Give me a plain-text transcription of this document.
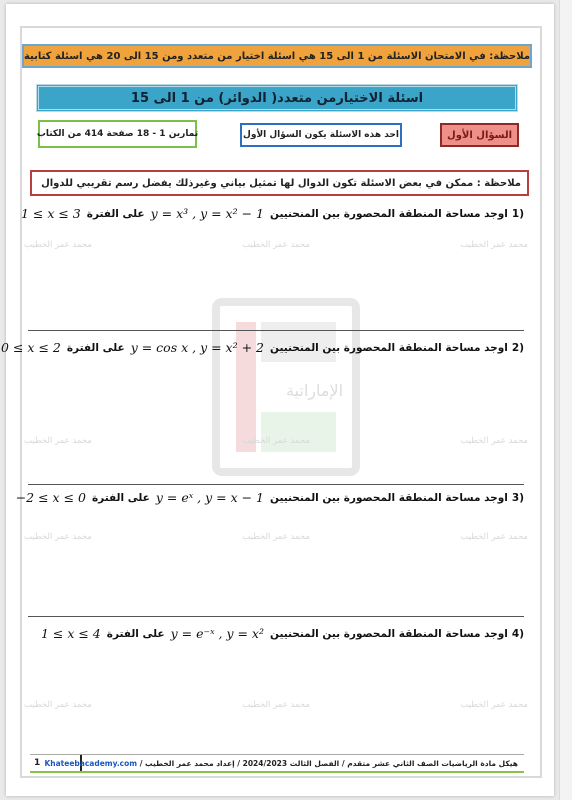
ملاحظة: في الامتحان الاسئلة من 1 الى 15 هي اسئلة اختيار من متعدد ومن 15 الى 20 هي اسئلة كتابية
اسئلة الاختيارمن متعدد( الدوائر) من 1 الى 15
السؤال الأول
احد هذه الاسئلة يكون السؤال الأول
تمارين 1 - 18 صفحة 414 من الكتاب
ملاحظة : ممكن في بعض الاسئلة تكون الدوال لها تمثيل بياني وغيرذلك يفضل رسم تقريبي للدوال
الإماراتية
محمد عمر الخطيب
محمد عمر الخطيب
محمد عمر الخطيب
محمد عمر الخطيب
محمد عمر الخطيب
محمد عمر الخطيب
محمد عمر الخطيب
محمد عمر الخطيب
محمد عمر الخطيب
محمد عمر الخطيب
محمد عمر الخطيب
محمد عمر الخطيب
(1
اوجد مساحة المنطقة المحصورة بين المنحنيين
y = x³ , y = x² − 1
على الفترة
1 ≤ x ≤ 3
(2
اوجد مساحة المنطقة المحصورة بين المنحنيين
y = cos x , y = x² + 2
على الفترة
0 ≤ x ≤ 2
(3
اوجد مساحة المنطقة المحصورة بين المنحنيين
y = eˣ , y = x − 1
على الفترة
−2 ≤ x ≤ 0
(4
اوجد مساحة المنطقة المحصورة بين المنحنيين
y = e⁻ˣ , y = x²
على الفترة
1 ≤ x ≤ 4
1	هيكل مادة الرياضيات الصف الثاني عشر متقدم / الفصل الثالث 2024/2023 / إعداد محمد عمر الخطيب / Khateebacademy.com
